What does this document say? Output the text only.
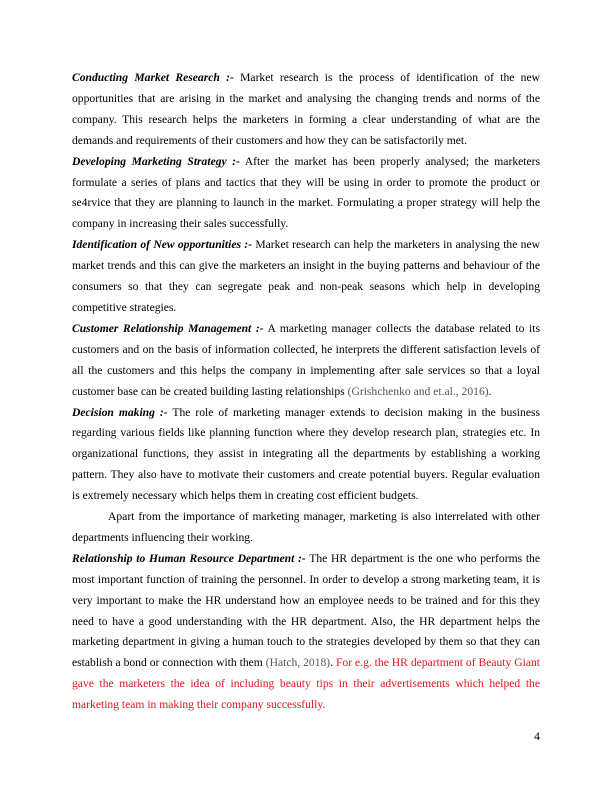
Conducting Market Research :- Market research is the process of identification of the new opportunities that are arising in the market and analysing the changing trends and norms of the company. This research helps the marketers in forming a clear understanding of what are the demands and requirements of their customers and how they can be satisfactorily met.

Developing Marketing Strategy :- After the market has been properly analysed; the marketers formulate a series of plans and tactics that they will be using in order to promote the product or se4rvice that they are planning to launch in the market. Formulating a proper strategy will help the company in increasing their sales successfully.

Identification of New opportunities :- Market research can help the marketers in analysing the new market trends and this can give the marketers an insight in the buying patterns and behaviour of the consumers so that they can segregate peak and non-peak seasons which help in developing competitive strategies.

Customer Relationship Management :- A marketing manager collects the database related to its customers and on the basis of information collected, he interprets the different satisfaction levels of all the customers and this helps the company in implementing after sale services so that a loyal customer base can be created building lasting relationships (Grishchenko and et.al., 2016).

Decision making :- The role of marketing manager extends to decision making in the business regarding various fields like planning function where they develop research plan, strategies etc. In organizational functions, they assist in integrating all the departments by establishing a working pattern. They also have to motivate their customers and create potential buyers. Regular evaluation is extremely necessary which helps them in creating cost efficient budgets.

Apart from the importance of marketing manager, marketing is also interrelated with other departments influencing their working.

Relationship to Human Resource Department :- The HR department is the one who performs the most important function of training the personnel. In order to develop a strong marketing team, it is very important to make the HR understand how an employee needs to be trained and for this they need to have a good understanding with the HR department. Also, the HR department helps the marketing department in giving a human touch to the strategies developed by them so that they can establish a bond or connection with them (Hatch, 2018). For e.g. the HR department of Beauty Giant gave the marketers the idea of including beauty tips in their advertisements which helped the marketing team in making their company successfully.

4
